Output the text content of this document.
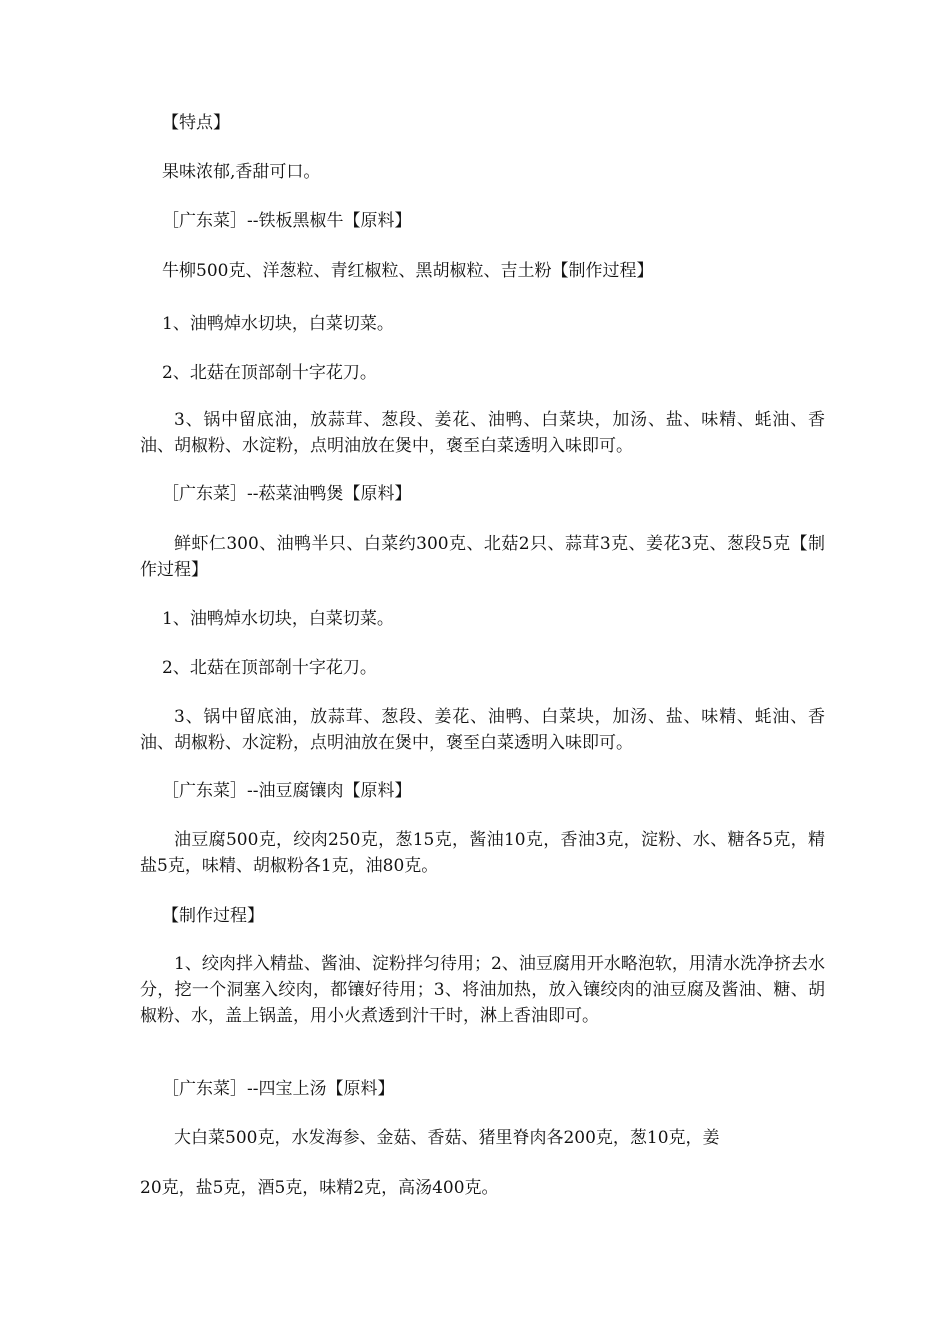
【特点】

果味浓郁,香甜可口。

［广东菜］--铁板黑椒牛【原料】

牛柳500克、洋葱粒、青红椒粒、黑胡椒粒、吉土粉【制作过程】

1、油鸭焯水切块，白菜切菜。

2、北菇在顶部剞十字花刀。

3、锅中留底油，放蒜茸、葱段、姜花、油鸭、白菜块，加汤、盐、味精、蚝油、香油、胡椒粉、水淀粉，点明油放在煲中，褒至白菜透明入味即可。

［广东菜］--菘菜油鸭煲【原料】

鲜虾仁300、油鸭半只、白菜约300克、北菇2只、蒜茸3克、姜花3克、葱段5克【制作过程】

1、油鸭焯水切块，白菜切菜。

2、北菇在顶部剞十字花刀。

3、锅中留底油，放蒜茸、葱段、姜花、油鸭、白菜块，加汤、盐、味精、蚝油、香油、胡椒粉、水淀粉，点明油放在煲中，褒至白菜透明入味即可。

［广东菜］--油豆腐镶肉【原料】

油豆腐500克，绞肉250克，葱15克，酱油10克，香油3克，淀粉、水、糖各5克，精盐5克，味精、胡椒粉各1克，油80克。

【制作过程】

1、绞肉拌入精盐、酱油、淀粉拌匀待用；2、油豆腐用开水略泡软，用清水洗净挤去水分，挖一个洞塞入绞肉，都镶好待用；3、将油加热，放入镶绞肉的油豆腐及酱油、糖、胡椒粉、水，盖上锅盖，用小火煮透到汁干时，淋上香油即可。

［广东菜］--四宝上汤【原料】

大白菜500克，水发海参、金菇、香菇、猪里脊肉各200克，葱10克，姜

20克，盐5克，酒5克，味精2克，高汤400克。
